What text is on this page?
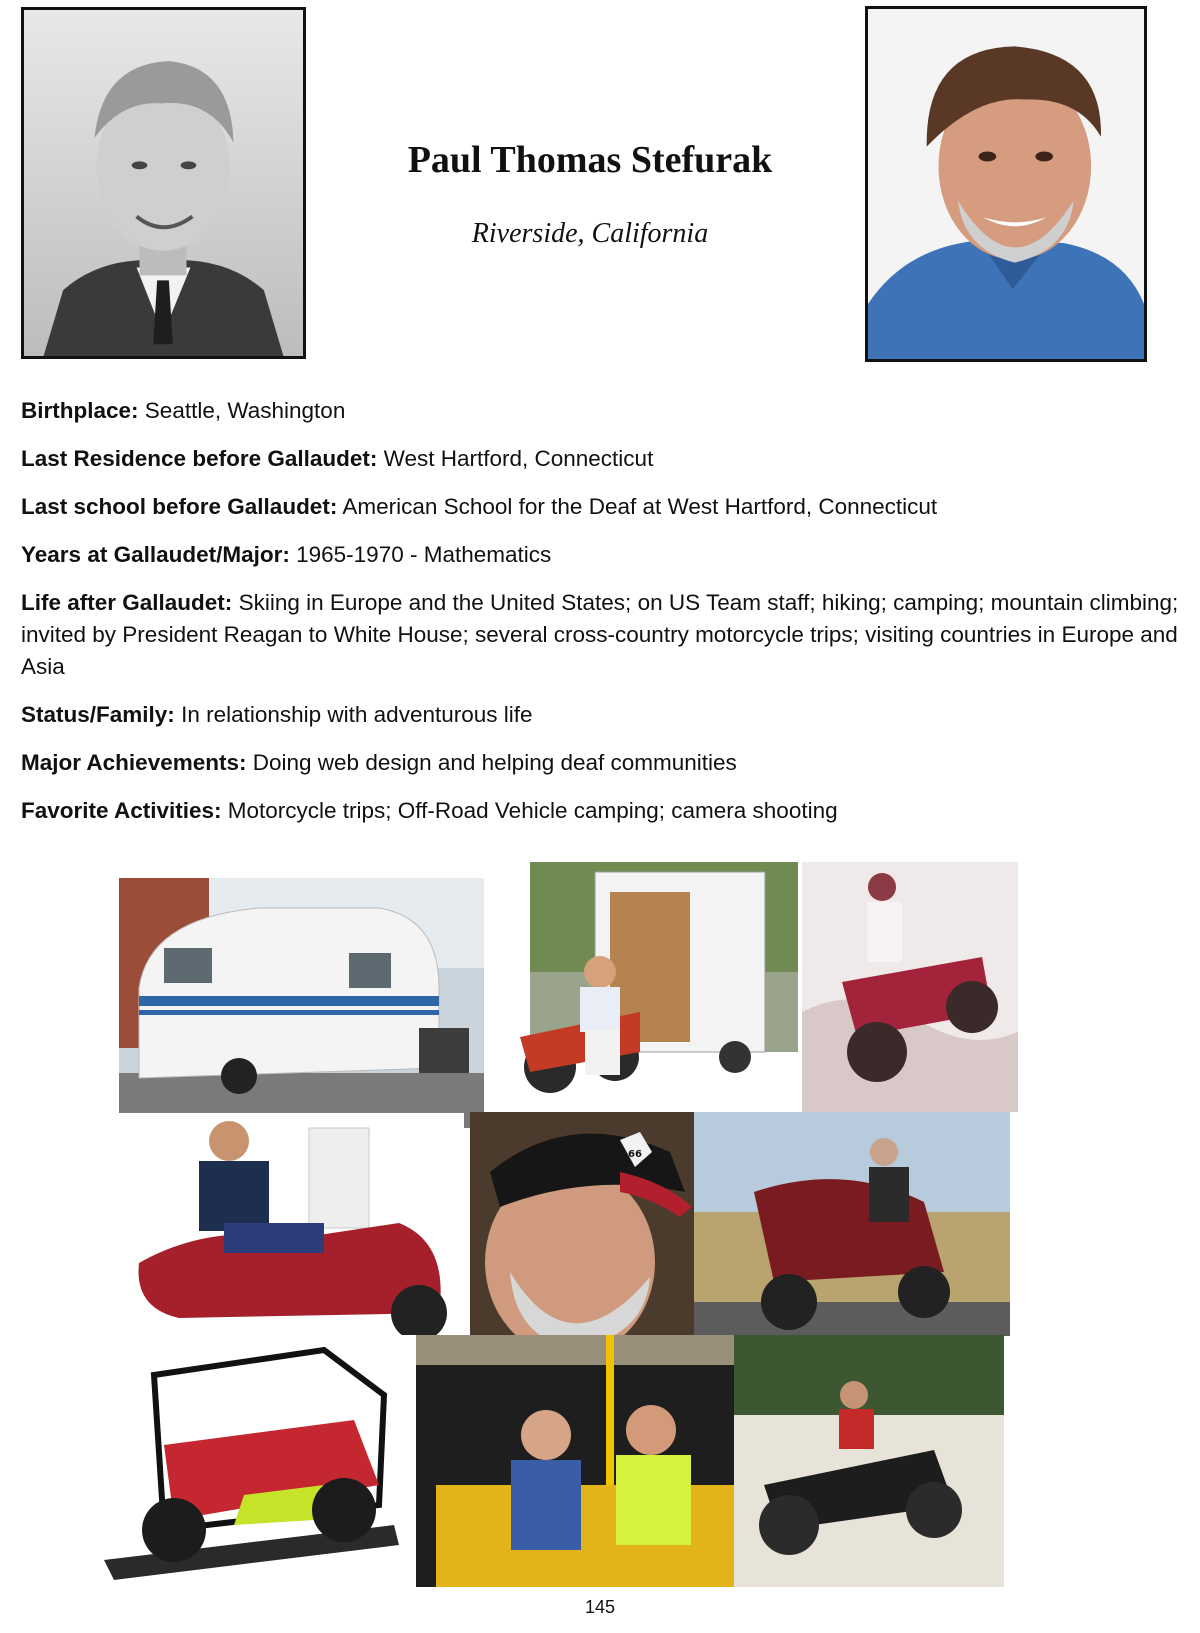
Paul Thomas Stefurak
Riverside, California
Birthplace: Seattle, Washington
Last Residence before Gallaudet: West Hartford, Connecticut
Last school before Gallaudet: American School for the Deaf at West Hartford, Connecticut
Years at Gallaudet/Major: 1965-1970 - Mathematics
Life after Gallaudet: Skiing in Europe and the United States; on US Team staff; hiking; camping; mountain climbing; invited by President Reagan to White House; several cross-country motorcycle trips; visiting countries in Europe and Asia
Status/Family: In relationship with adventurous life
Major Achievements: Doing web design and helping deaf communities
Favorite Activities: Motorcycle trips; Off-Road Vehicle camping; camera shooting
66
145
